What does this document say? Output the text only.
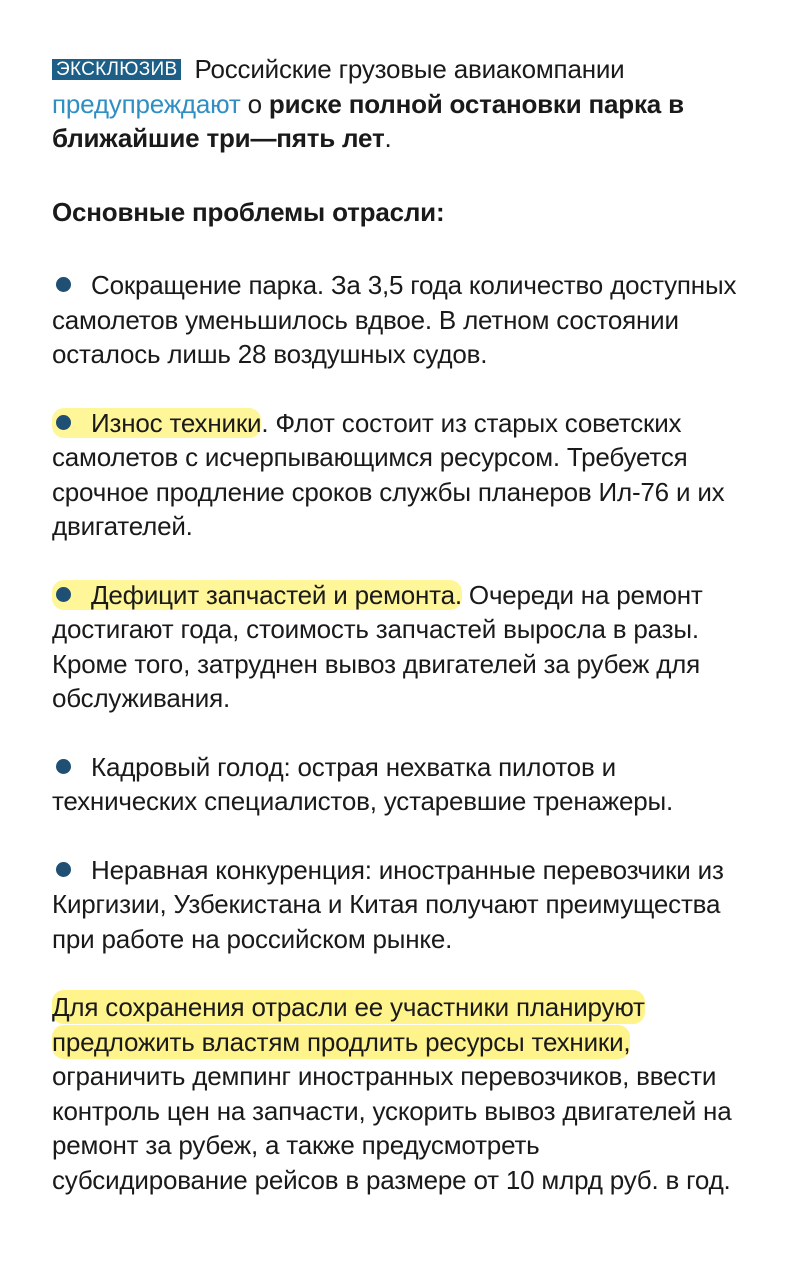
ЭКСКЛЮЗИВ Российские грузовые авиакомпании предупреждают о риске полной остановки парка в ближайшие три—пять лет.

Основные проблемы отрасли:

Сокращение парка. За 3,5 года количество доступных самолетов уменьшилось вдвое. В летном состоянии осталось лишь 28 воздушных судов.

Износ техники. Флот состоит из старых советских самолетов с исчерпывающимся ресурсом. Требуется срочное продление сроков службы планеров Ил-76 и их двигателей.

Дефицит запчастей и ремонта. Очереди на ремонт достигают года, стоимость запчастей выросла в разы. Кроме того, затруднен вывоз двигателей за рубеж для обслуживания.

Кадровый голод: острая нехватка пилотов и технических специалистов, устаревшие тренажеры.

Неравная конкуренция: иностранные перевозчики из Киргизии, Узбекистана и Китая получают преимущества при работе на российском рынке.

Для сохранения отрасли ее участники планируют предложить властям продлить ресурсы техники, ограничить демпинг иностранных перевозчиков, ввести контроль цен на запчасти, ускорить вывоз двигателей на ремонт за рубеж, а также предусмотреть субсидирование рейсов в размере от 10 млрд руб. в год.
